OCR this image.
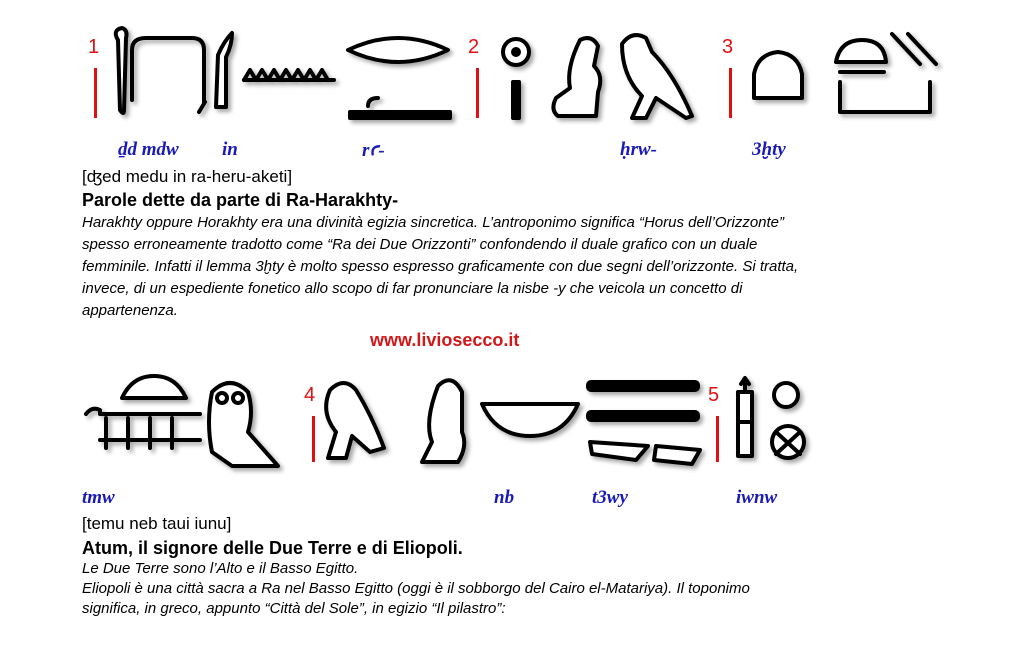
1	2	3
ḏd mdw in	rꜥ-	ḥrw-	3ḫty
[ʤed medu in ra-heru-aketi]
Parole dette da parte di Ra-Harakhty-
Harakhty oppure Horakhty era una divinità egizia sincretica. L’antroponimo significa “Horus dell’Orizzonte”
spesso erroneamente tradotto come “Ra dei Due Orizzonti” confondendo il duale grafico con un duale
femminile. Infatti il lemma 3ḫty è molto spesso espresso graficamente con due segni dell’orizzonte. Si tratta,
invece, di un espediente fonetico allo scopo di far pronunciare la nisbe -y che veicola un concetto di
appartenenza.
www.liviosecco.it
4	5
tmw	nb	t3wy	iwnw
[temu neb taui iunu]
Atum, il signore delle Due Terre e di Eliopoli.
Le Due Terre sono l’Alto e il Basso Egitto.
Eliopoli è una città sacra a Ra nel Basso Egitto (oggi è il sobborgo del Cairo el-Matariya). Il toponimo
significa, in greco, appunto “Città del Sole”, in egizio “Il pilastro”:
